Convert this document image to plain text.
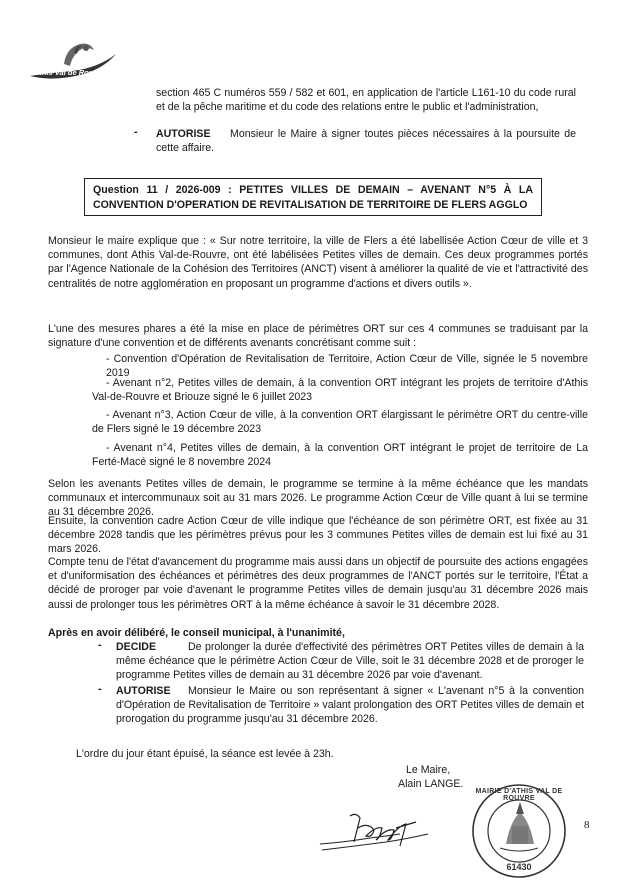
Athis Val de Rouvre
section 465 C numéros 559 / 582 et 601, en application de l'article L161-10 du code rural et de la pêche maritime et du code des relations entre le public et l'administration,
- AUTORISE	Monsieur le Maire à signer toutes pièces nécessaires à la poursuite de cette affaire.
Question 11 / 2026-009 : PETITES VILLES DE DEMAIN – AVENANT N°5 À LA CONVENTION D'OPERATION DE REVITALISATION DE TERRITOIRE DE FLERS AGGLO
Monsieur le maire explique que : « Sur notre territoire, la ville de Flers a été labellisée Action Cœur de ville et 3 communes, dont Athis Val-de-Rouvre, ont été labélisées Petites villes de demain. Ces deux programmes portés par l'Agence Nationale de la Cohésion des Territoires (ANCT) visent à améliorer la qualité de vie et l'attractivité des centralités de notre agglomération en proposant un programme d'actions et divers outils ».
L'une des mesures phares a été la mise en place de périmètres ORT sur ces 4 communes se traduisant par la signature d'une convention et de différents avenants concrétisant comme suit :
- Convention d'Opération de Revitalisation de Territoire, Action Cœur de Ville, signée le 5 novembre 2019
- Avenant n°2, Petites villes de demain, à la convention ORT intégrant les projets de territoire d'Athis Val-de-Rouvre et Briouze signé le 6 juillet 2023
- Avenant n°3, Action Cœur de ville, à la convention ORT élargissant le périmètre ORT du centre-ville de Flers signé le 19 décembre 2023
- Avenant n°4, Petites villes de demain, à la convention ORT intégrant le projet de territoire de La Ferté-Macé signé le 8 novembre 2024
Selon les avenants Petites villes de demain, le programme se termine à la même échéance que les mandats communaux et intercommunaux soit au 31 mars 2026. Le programme Action Cœur de Ville quant à lui se termine au 31 décembre 2026.
Ensuite, la convention cadre Action Cœur de ville indique que l'échéance de son périmètre ORT, est fixée au 31 décembre 2028 tandis que les périmètres prévus pour les 3 communes Petites villes de demain est lui fixé au 31 mars 2026.
Compte tenu de l'état d'avancement du programme mais aussi dans un objectif de poursuite des actions engagées et d'uniformisation des échéances et périmètres des deux programmes de l'ANCT portés sur le territoire, l'État a décidé de proroger par voie d'avenant le programme Petites villes de demain jusqu'au 31 décembre 2026 mais aussi de prolonger tous les périmètres ORT à la même échéance à savoir le 31 décembre 2028.
Après en avoir délibéré, le conseil municipal, à l'unanimité,
- DECIDE	De prolonger la durée d'effectivité des périmètres ORT Petites villes de demain à la même échéance que le périmètre Action Cœur de Ville, soit le 31 décembre 2028 et de proroger le programme Petites villes de demain au 31 décembre 2026 par voie d'avenant.
- AUTORISE	Monsieur le Maire ou son représentant à signer « L'avenant n°5 à la convention d'Opération de Revitalisation de Territoire » valant prolongation des ORT Petites villes de demain et prorogation du programme jusqu'au 31 décembre 2026.
L'ordre du jour étant épuisé, la séance est levée à 23h.
Le Maire,
Alain LANGE.
MAIRIE D'ATHIS VAL DE ROUVRE
61430
8
